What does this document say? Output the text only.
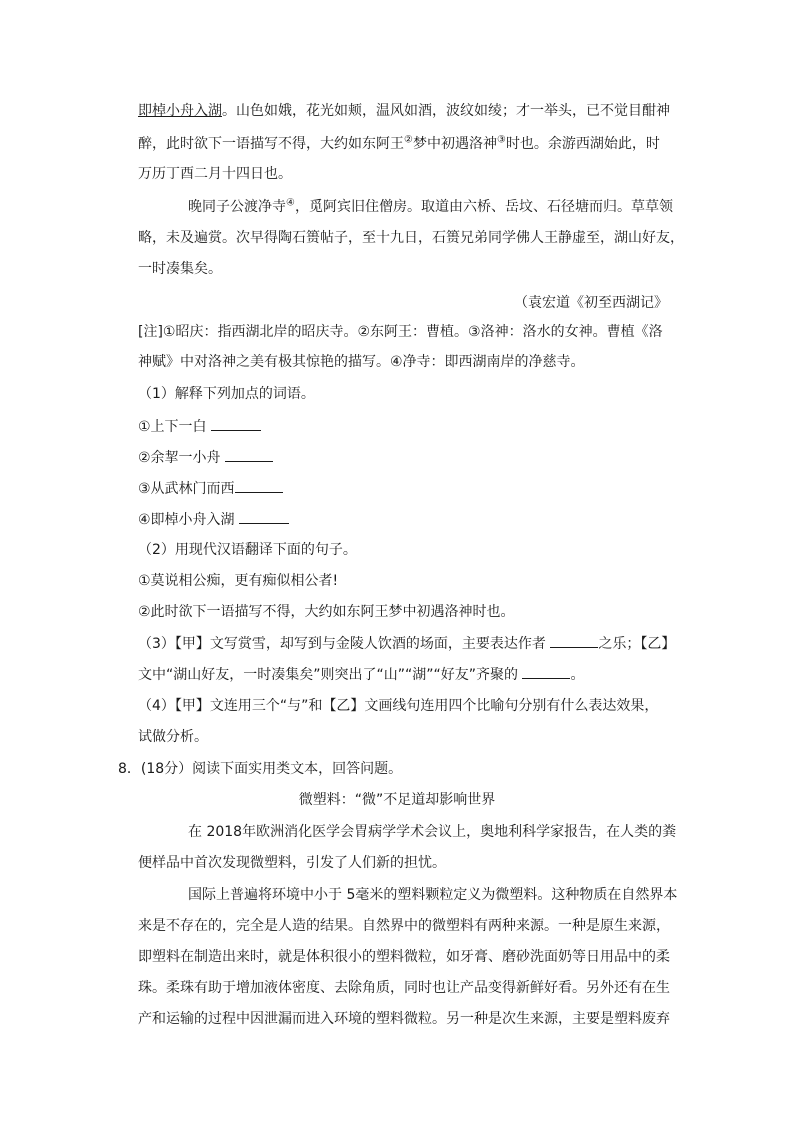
即棹小舟入湖。山色如娥，花光如颊，温风如酒，波纹如绫；才一举头，已不觉目酣神
醉，此时欲下一语描写不得，大约如东阿王②梦中初遇洛神③时也。余游西湖始此，时
万历丁酉二月十四日也。
晚同子公渡净寺④，觅阿宾旧住僧房。取道由六桥、岳坟、石径塘而归。草草领
略，未及遍赏。次早得陶石篑帖子，至十九日，石篑兄弟同学佛人王静虚至，湖山好友，
一时凑集矣。
（袁宏道《初至西湖记》
[注]①昭庆：指西湖北岸的昭庆寺。②东阿王：曹植。③洛神：洛水的女神。曹植《洛
神赋》中对洛神之美有极其惊艳的描写。④净寺：即西湖南岸的净慈寺。
（1）解释下列加点的词语。
①上下一白
②余挈一小舟
③从武林门而西
④即棹小舟入湖
（2）用现代汉语翻译下面的句子。
①莫说相公痴，更有痴似相公者!
②此时欲下一语描写不得，大约如东阿王梦中初遇洛神时也。
（3）【甲】文写赏雪，却写到与金陵人饮酒的场面，主要表达作者	之乐；【乙】
文中“湖山好友，一时凑集矣”则突出了“山”“湖”“好友”齐聚的	。
（4）【甲】文连用三个“与”和【乙】文画线句连用四个比喻句分别有什么表达效果，
试做分析。
8．(18分）阅读下面实用类文本，回答问题。
微塑料：“微”不足道却影响世界
在 2018年欧洲消化医学会胃病学学术会议上，奥地利科学家报告，在人类的粪
便样品中首次发现微塑料，引发了人们新的担忧。
国际上普遍将环境中小于 5毫米的塑料颗粒定义为微塑料。这种物质在自然界本
来是不存在的，完全是人造的结果。自然界中的微塑料有两种来源。一种是原生来源，
即塑料在制造出来时，就是体积很小的塑料微粒，如牙膏、磨砂洗面奶等日用品中的柔
珠。柔珠有助于增加液体密度、去除角质，同时也让产品变得新鲜好看。另外还有在生
产和运输的过程中因泄漏而进入环境的塑料微粒。另一种是次生来源，主要是塑料废弃
